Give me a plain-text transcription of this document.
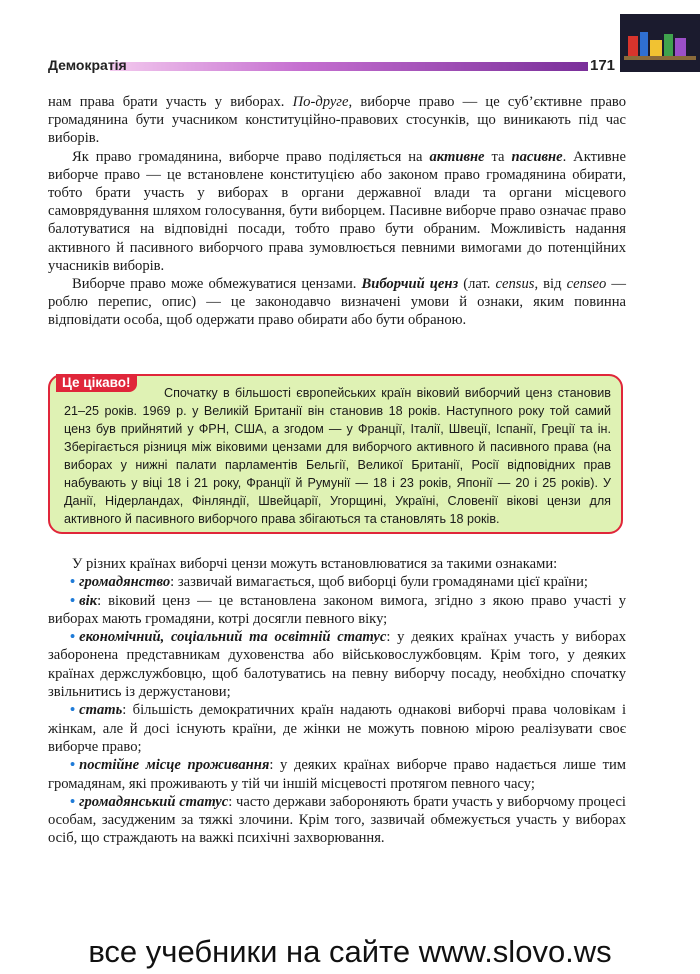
Демократія	171

нам права брати участь у виборах. По-друге, виборче право — це суб’єктивне право громадянина бути учасником конституційно-правових стосунків, що виникають під час виборів.

Як право громадянина, виборче право поділяється на активне та пасивне. Активне виборче право — це встановлене конституцією або законом право громадянина обирати, тобто брати участь у виборах в органи державної влади та органи місцевого самоврядування шляхом голосування, бути виборцем. Пасивне виборче право означає право балотуватися на відповідні посади, тобто право бути обраним. Можливість надання активного й пасивного виборчого права зумовлюється певними вимогами до потенційних учасників виборів.

Виборче право може обмежуватися цензами. Виборчий ценз (лат. census, від censeo — роблю перепис, опис) — це законодавчо визначені умови й ознаки, яким повинна відповідати особа, щоб одержати право обирати або бути обраною.

Це цікаво!

Спочатку в більшості європейських країн віковий виборчий ценз становив 21–25 років. 1969 р. у Великій Британії він становив 18 років. Наступного року той самий ценз був прийнятий у ФРН, США, а згодом — у Франції, Італії, Швеції, Іспанії, Греції та ін. Зберігається різниця між віковими цензами для виборчого активного й пасивного права (на виборах у нижні палати парламентів Бельгії, Великої Британії, Росії відповідних прав набувають у віці 18 і 21 року, Франції й Румунії — 18 і 23 років, Японії — 20 і 25 років). У Данії, Нідерландах, Фінляндії, Швейцарії, Угорщині, Україні, Словенії вікові цензи для активного й пасивного виборчого права збігаються та становлять 18 років.

У різних країнах виборчі цензи можуть встановлюватися за такими ознаками:

• громадянство: зазвичай вимагається, щоб виборці були громадянами цієї країни;

• вік: віковий ценз — це встановлена законом вимога, згідно з якою право участі у виборах мають громадяни, котрі досягли певного віку;

• економічний, соціальний та освітній статус: у деяких країнах участь у виборах заборонена представникам духовенства або військовослужбовцям. Крім того, у деяких країнах держслужбовцю, щоб балотуватись на певну виборчу посаду, необхідно спочатку звільнитись із держустанови;

• стать: більшість демократичних країн надають однакові виборчі права чоловікам і жінкам, але й досі існують країни, де жінки не можуть повною мірою реалізувати своє виборче право;

• постійне місце проживання: у деяких країнах виборче право надається лише тим громадянам, які проживають у тій чи іншій місцевості протягом певного часу;

• громадянський статус: часто держави забороняють брати участь у виборчому процесі особам, засудженим за тяжкі злочини. Крім того, зазвичай обмежується участь у виборах осіб, що страждають на важкі психічні захворювання.

все учебники на сайте www.slovo.ws
